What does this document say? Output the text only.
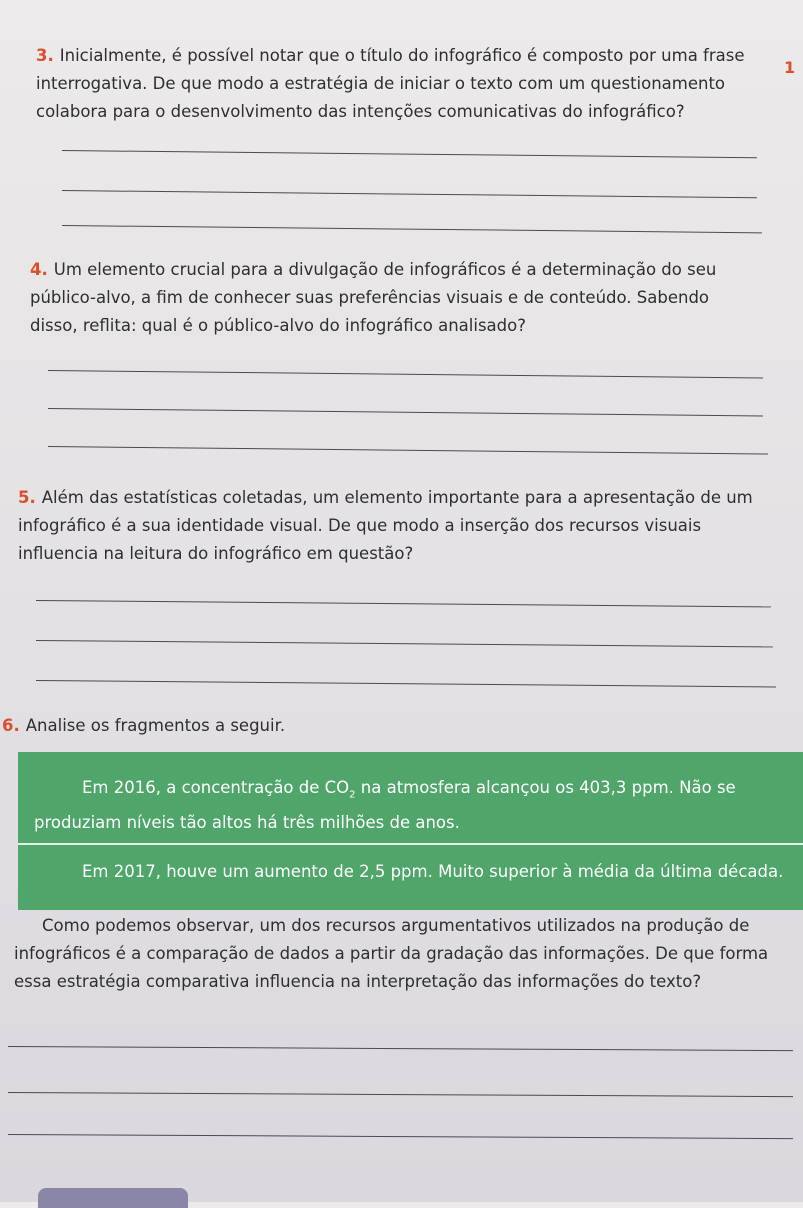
1
3. Inicialmente, é possível notar que o título do infográfico é composto por uma frase interrogativa. De que modo a estratégia de iniciar o texto com um questionamento colabora para o desenvolvimento das intenções comunicativas do infográfico?
4. Um elemento crucial para a divulgação de infográficos é a determinação do seu público-alvo, a fim de conhecer suas preferências visuais e de conteúdo. Sabendo disso, reflita: qual é o público-alvo do infográfico analisado?
5. Além das estatísticas coletadas, um elemento importante para a apresentação de um infográfico é a sua identidade visual. De que modo a inserção dos recursos visuais influencia na leitura do infográfico em questão?
6. Analise os fragmentos a seguir.
Em 2016, a concentração de $CO_2$ na atmosfera alcançou os 403,3 ppm. Não se produziam níveis tão altos há três milhões de anos.
Em 2017, houve um aumento de 2,5 ppm. Muito superior à média da última década.
Como podemos observar, um dos recursos argumentativos utilizados na produção de infográficos é a comparação de dados a partir da gradação das informações. De que forma essa estratégia comparativa influencia na interpretação das informações do texto?
